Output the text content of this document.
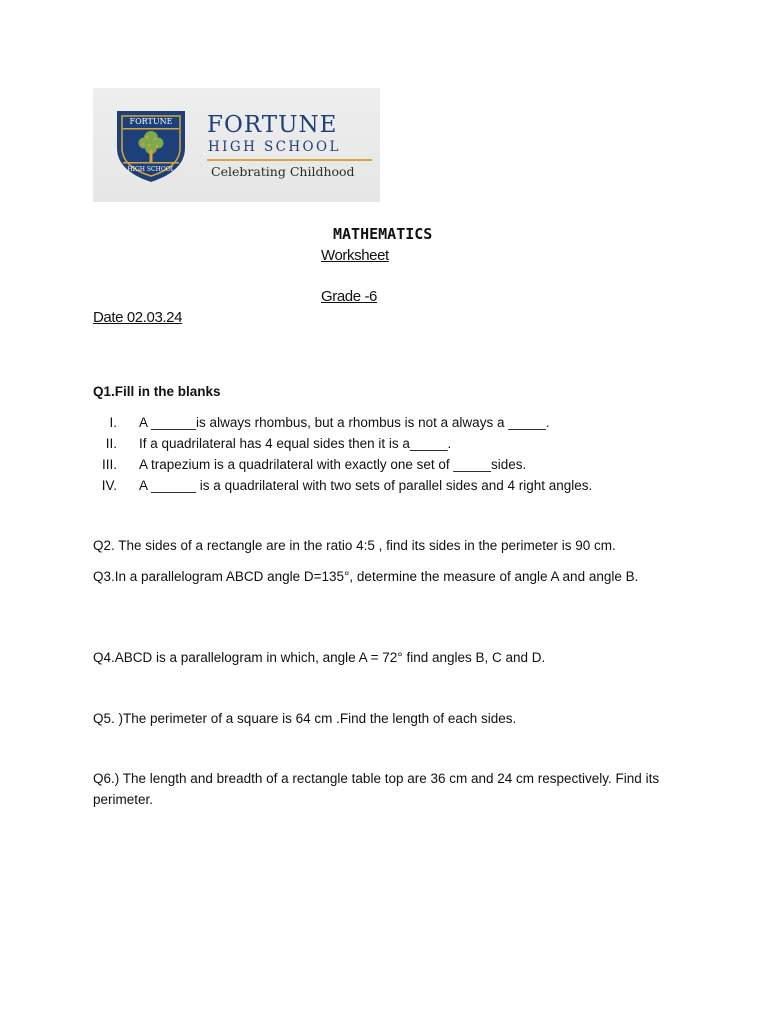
FORTUNE
HIGH SCHOOL
FORTUNE
HIGH SCHOOL
Celebrating Childhood
MATHEMATICS
Worksheet
Grade -6
Date 02.03.24
Q1.Fill in the blanks
I. A ______is always rhombus, but a rhombus is not a always a _____.
II. If a quadrilateral has 4 equal sides then it is a_____.
III. A trapezium is a quadrilateral with exactly one set of _____sides.
IV. A ______ is a quadrilateral with two sets of parallel sides and 4 right angles.
Q2. The sides of a rectangle are in the ratio 4:5 , find its sides in the perimeter is 90 cm.
Q3.In a parallelogram ABCD angle D=135°, determine the measure of angle A and angle B.
Q4.ABCD is a parallelogram in which, angle A = 72° find angles B, C and D.
Q5. )The perimeter of a square is 64 cm .Find the length of each sides.
Q6.) The length and breadth of a rectangle table top are 36 cm and 24 cm respectively. Find its perimeter.
